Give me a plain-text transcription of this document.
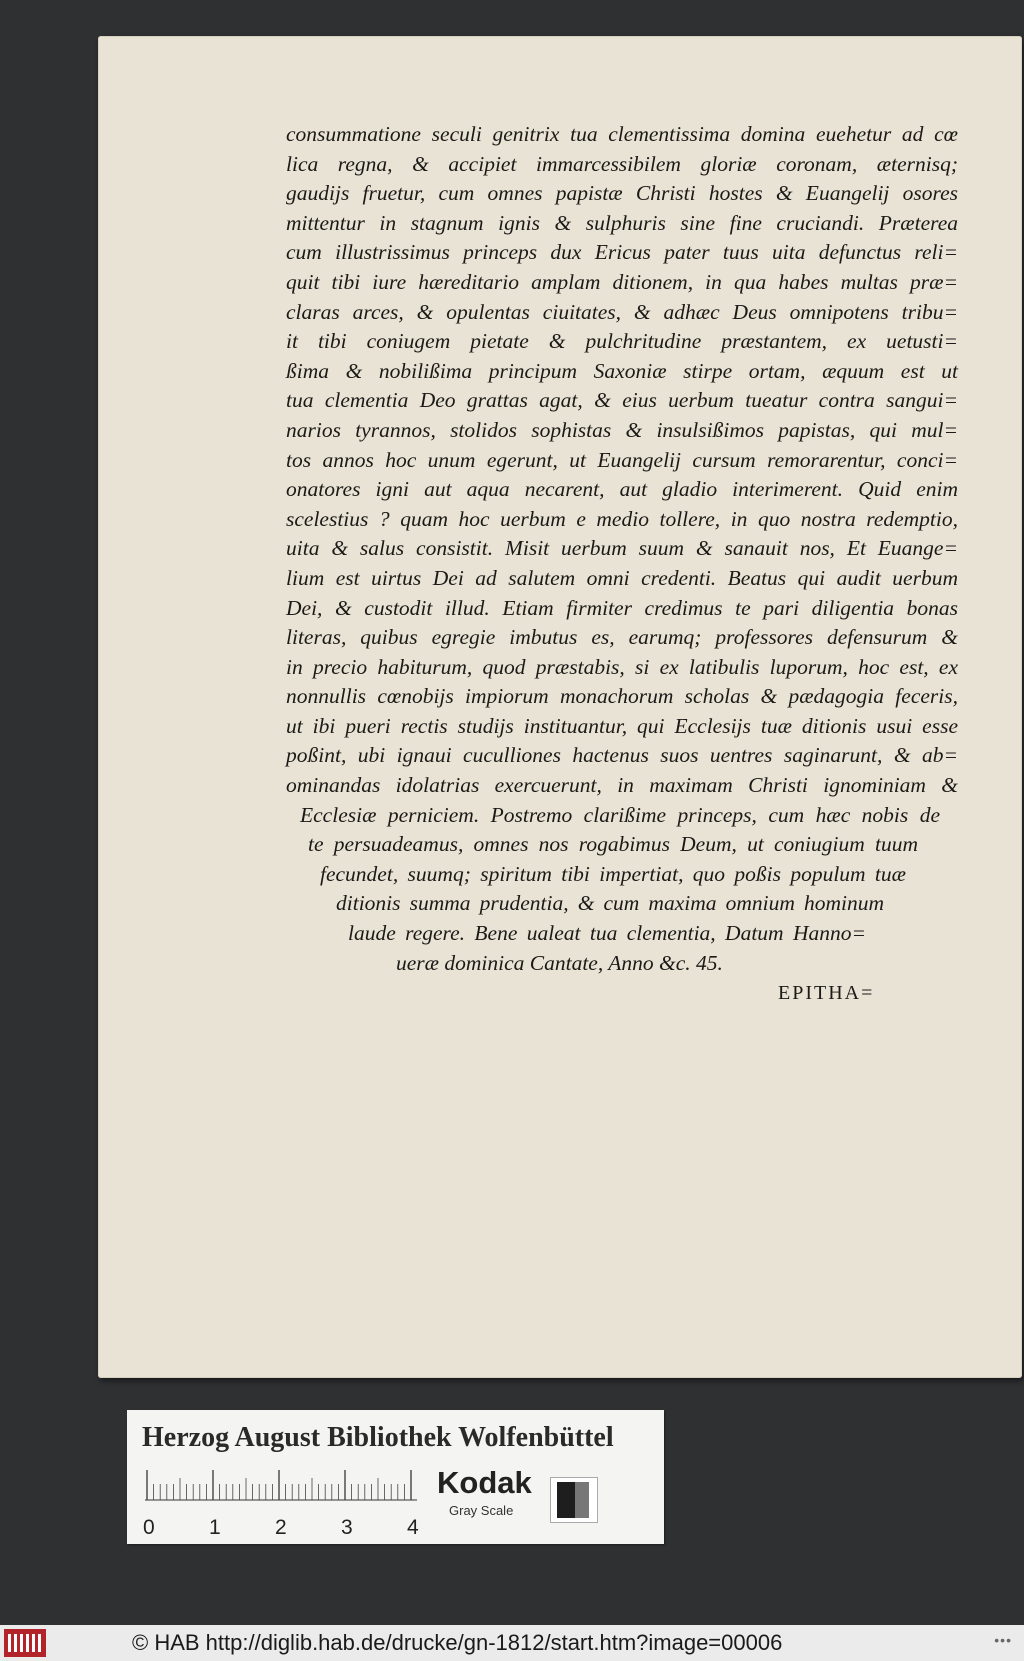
consummatione seculi genitrix tua clementissima domina euehetur ad cœ
lica regna, & accipiet immarcessibilem gloriæ coronam, æternisq;
gaudijs fruetur, cum omnes papistæ Christi hostes & Euangelij osores
mittentur in stagnum ignis & sulphuris sine fine cruciandi. Præterea
cum illustrissimus princeps dux Ericus pater tuus uita defunctus reli=
quit tibi iure hæreditario amplam ditionem, in qua habes multas præ=
claras arces, & opulentas ciuitates, & adhæc Deus omnipotens tribu=
it tibi coniugem pietate & pulchritudine præstantem, ex uetusti=
ßima & nobilißima principum Saxoniæ stirpe ortam, æquum est ut
tua clementia Deo grattas agat, & eius uerbum tueatur contra sangui=
narios tyrannos, stolidos sophistas & insulsißimos papistas, qui mul=
tos annos hoc unum egerunt, ut Euangelij cursum remorarentur, conci=
onatores igni aut aqua necarent, aut gladio interimerent. Quid enim
scelestius ? quam hoc uerbum e medio tollere, in quo nostra redemptio,
uita & salus consistit. Misit uerbum suum & sanauit nos, Et Euange=
lium est uirtus Dei ad salutem omni credenti. Beatus qui audit uerbum
Dei, & custodit illud. Etiam firmiter credimus te pari diligentia bonas
literas, quibus egregie imbutus es, earumq; professores defensurum &
in precio habiturum, quod præstabis, si ex latibulis luporum, hoc est, ex
nonnullis cœnobijs impiorum monachorum scholas & pædagogia feceris,
ut ibi pueri rectis studijs instituantur, qui Ecclesijs tuæ ditionis usui esse
poßint, ubi ignaui cuculliones hactenus suos uentres saginarunt, & ab=
ominandas idolatrias exercuerunt, in maximam Christi ignominiam &
Ecclesiæ perniciem. Postremo clarißime princeps, cum hæc nobis de
te persuadeamus, omnes nos rogabimus Deum, ut coniugium tuum
fecundet, suumq; spiritum tibi impertiat, quo poßis populum tuæ
ditionis summa prudentia, & cum maxima omnium hominum
laude regere. Bene ualeat tua clementia, Datum Hanno=
ueræ dominica Cantate, Anno &c. 45.
EPITHA=
Herzog August Bibliothek Wolfenbüttel
0	1	2	3	4
Kodak
Gray Scale
© HAB http://diglib.hab.de/drucke/gn-1812/start.htm?image=00006	•••
